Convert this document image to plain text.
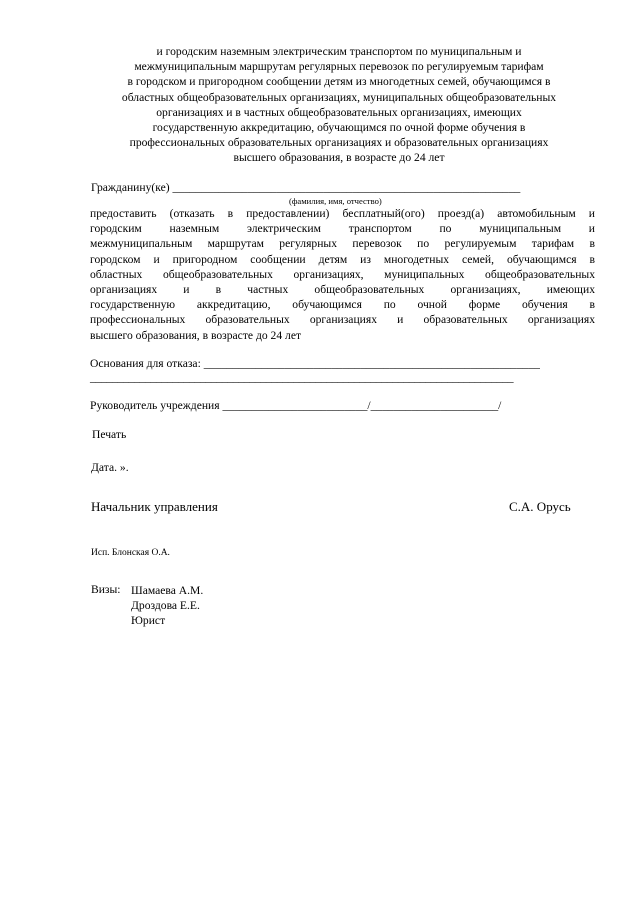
и городским наземным электрическим транспортом по муниципальным и
межмуниципальным маршрутам регулярных перевозок по регулируемым тарифам
в городском и пригородном сообщении детям из многодетных семей, обучающимся в
областных общеобразовательных организациях, муниципальных общеобразовательных
организациях и в частных общеобразовательных организациях, имеющих
государственную аккредитацию, обучающимся по очной форме обучения в
профессиональных образовательных организациях и образовательных организациях
высшего образования, в возрасте до 24 лет
Гражданину(ке) ____________________________________________________________
(фамилия, имя, отчество)
предоставить (отказать в предоставлении) бесплатный(ого) проезд(а) автомобильным и
городским наземным электрическим транспортом по муниципальным и
межмуниципальным маршрутам регулярных перевозок по регулируемым тарифам в
городском и пригородном сообщении детям из многодетных семей, обучающимся в
областных общеобразовательных организациях, муниципальных общеобразовательных
организациях и в частных общеобразовательных организациях, имеющих
государственную аккредитацию, обучающимся по очной форме обучения в
профессиональных образовательных организациях и образовательных организациях
высшего образования, в возрасте до 24 лет
Основания для отказа: __________________________________________________________
_____________________________________________________________________________
Руководитель учреждения _________________________/______________________/
Печать
Дата. ».
Начальник управления	С.А. Орусь
Исп. Блонская О.А.
Визы: Шамаева А.М.
Дроздова Е.Е.
Юрист
